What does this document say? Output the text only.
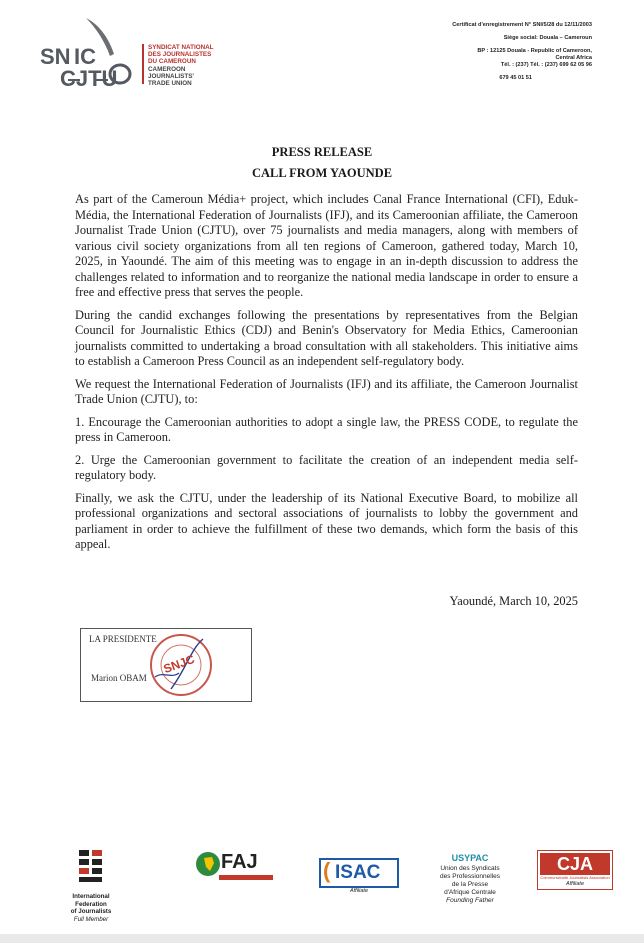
SN IC
CJTU
SYNDICAT NATIONAL
DES JOURNALISTES
DU CAMEROUN
CAMEROON
JOURNALISTS'
TRADE UNION
Certificat d'enregistrement N° SNI/5/28 du 12/11/2003
Siège social: Douala – Cameroun
BP : 12125 Douala - Republic of Cameroon,
Central Africa
Tél. : (237) Tél. : (237) 699 62 05 96
679 45 01 51
PRESS RELEASE
CALL FROM YAOUNDE

As part of the Cameroun Média+ project, which includes Canal France International (CFI), Eduk-Média, the International Federation of Journalists (IFJ), and its Cameroonian affiliate, the Cameroon Journalist Trade Union (CJTU), over 75 journalists and media managers, along with members of various civil society organizations from all ten regions of Cameroon, gathered today, March 10, 2025, in Yaoundé. The aim of this meeting was to engage in an in-depth discussion to address the challenges related to information and to reorganize the national media landscape in order to ensure a free and effective press that serves the people.

During the candid exchanges following the presentations by representatives from the Belgian Council for Journalistic Ethics (CDJ) and Benin's Observatory for Media Ethics, Cameroonian journalists committed to undertaking a broad consultation with all stakeholders. This initiative aims to establish a Cameroon Press Council as an independent self-regulatory body.

We request the International Federation of Journalists (IFJ) and its affiliate, the Cameroon Journalist Trade Union (CJTU), to:

1. Encourage the Cameroonian authorities to adopt a single law, the PRESS CODE, to regulate the press in Cameroon.

2. Urge the Cameroonian government to facilitate the creation of an independent media self-regulatory body.

Finally, we ask the CJTU, under the leadership of its National Executive Board, to mobilize all professional organizations and sectoral associations of journalists to lobby the government and parliament in order to achieve the fulfillment of these two demands, which form the basis of this appeal.

Yaoundé, March 10, 2025
LA PRESIDENTE
Marion OBAM
SNJC
International
Federation
of Journalists
Full Member
FAJ	( ISAC
Affiliate
USYPAC
Union des Syndicats
des Professionnelles
de la Presse
d'Afrique Centrale
Founding Father
CJA
Commonwealth Journalists Association
Affiliate
